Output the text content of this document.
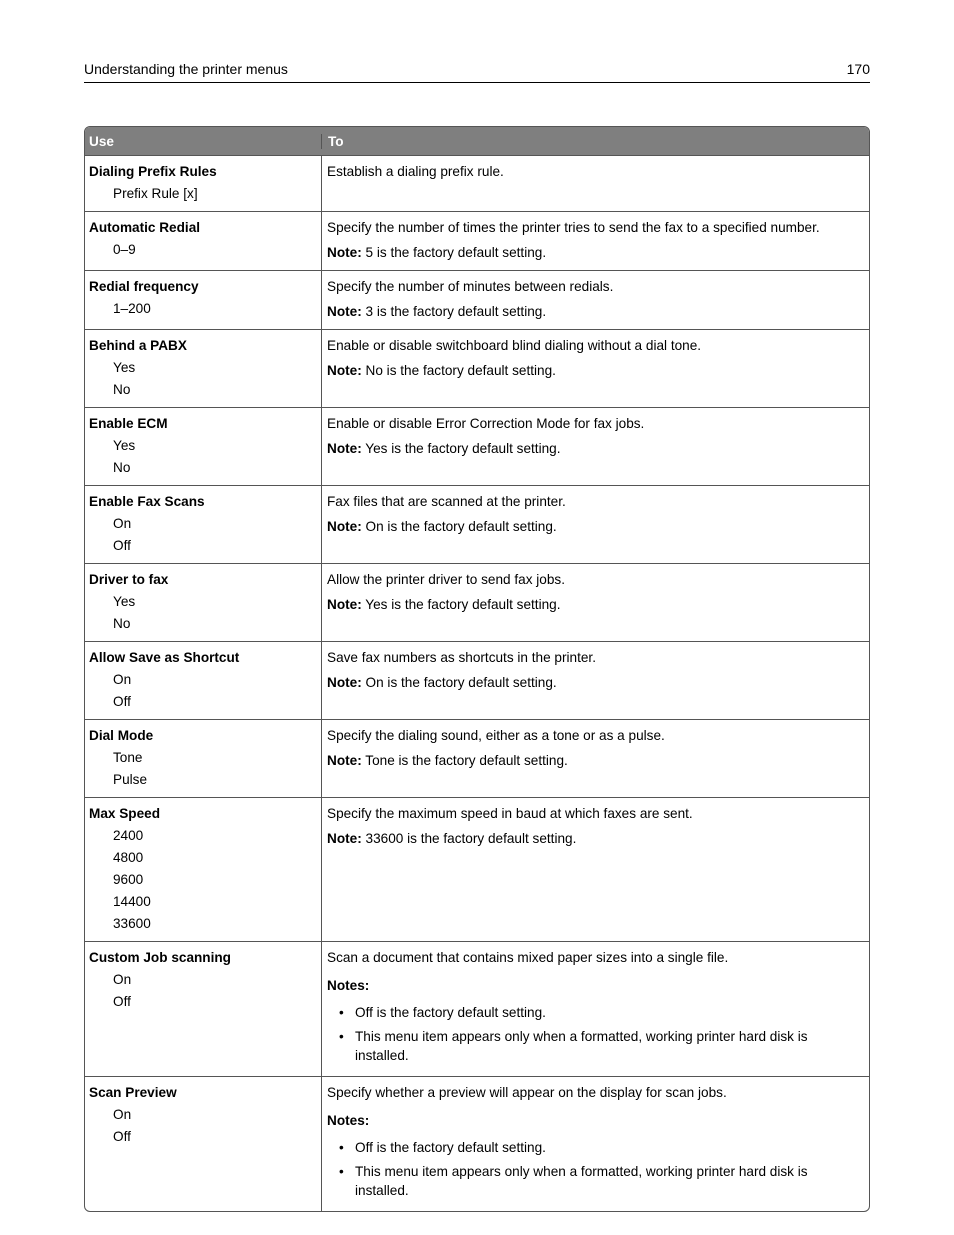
Understanding the printer menus	170
Use	To
Dialing Prefix Rules
Prefix Rule [x]
Establish a dialing prefix rule.
Automatic Redial
0–9
Specify the number of times the printer tries to send the fax to a specified number.
Note: 5 is the factory default setting.
Redial frequency
1–200
Specify the number of minutes between redials.
Note: 3 is the factory default setting.
Behind a PABX
Yes
No
Enable or disable switchboard blind dialing without a dial tone.
Note: No is the factory default setting.
Enable ECM
Yes
No
Enable or disable Error Correction Mode for fax jobs.
Note: Yes is the factory default setting.
Enable Fax Scans
On
Off
Fax files that are scanned at the printer.
Note: On is the factory default setting.
Driver to fax
Yes
No
Allow the printer driver to send fax jobs.
Note: Yes is the factory default setting.
Allow Save as Shortcut
On
Off
Save fax numbers as shortcuts in the printer.
Note: On is the factory default setting.
Dial Mode
Tone
Pulse
Specify the dialing sound, either as a tone or as a pulse.
Note: Tone is the factory default setting.
Max Speed
2400
4800
9600
14400
33600
Specify the maximum speed in baud at which faxes are sent.
Note: 33600 is the factory default setting.
Custom Job scanning
On
Off
Scan a document that contains mixed paper sizes into a single file.
Notes:
• Off is the factory default setting.
• This menu item appears only when a formatted, working printer hard disk is installed.
Scan Preview
On
Off
Specify whether a preview will appear on the display for scan jobs.
Notes:
• Off is the factory default setting.
• This menu item appears only when a formatted, working printer hard disk is installed.
